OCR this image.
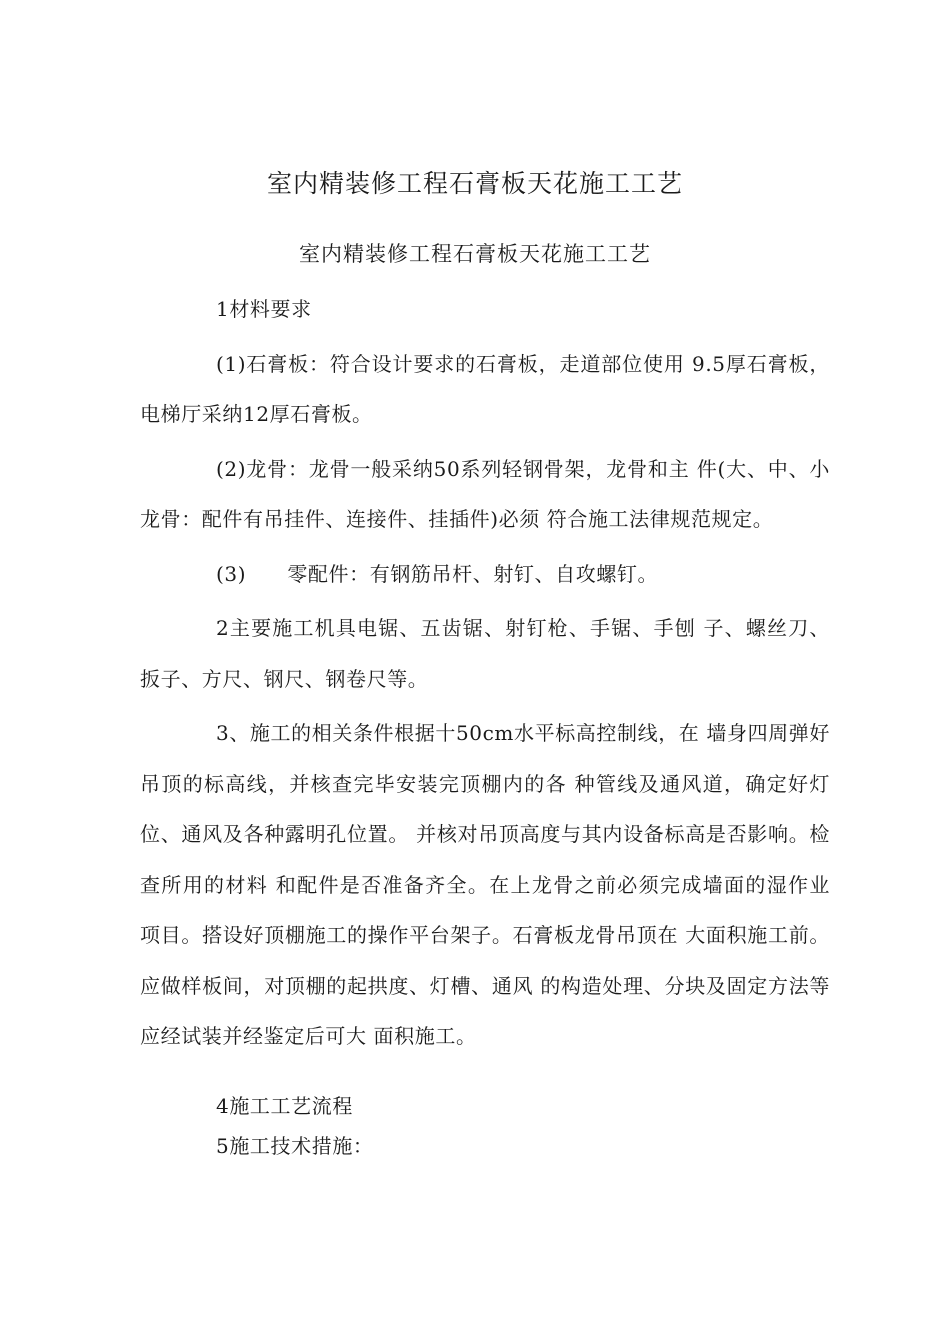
室内精装修工程石膏板天花施工工艺
室内精装修工程石膏板天花施工工艺

1材料要求

(1)石膏板：符合设计要求的石膏板，走道部位使用 9.5厚石膏板，电梯厅采纳12厚石膏板。

(2)龙骨：龙骨一般采纳50系列轻钢骨架，龙骨和主 件(大、中、小龙骨：配件有吊挂件、连接件、挂插件)必须 符合施工法律规范规定。

(3)　　零配件：有钢筋吊杆、射钉、自攻螺钉。

2主要施工机具电锯、五齿锯、射钉枪、手锯、手刨 子、螺丝刀、扳子、方尺、钢尺、钢卷尺等。

3、施工的相关条件根据十50cm水平标高控制线，在 墙身四周弹好吊顶的标高线，并核查完毕安装完顶棚内的各 种管线及通风道，确定好灯位、通风及各种露明孔位置。 并核对吊顶高度与其内设备标高是否影响。检查所用的材料 和配件是否准备齐全。在上龙骨之前必须完成墙面的湿作业 项目。搭设好顶棚施工的操作平台架子。石膏板龙骨吊顶在 大面积施工前。应做样板间，对顶棚的起拱度、灯槽、通风 的构造处理、分块及固定方法等应经试装并经鉴定后可大 面积施工。

4施工工艺流程

5施工技术措施：
